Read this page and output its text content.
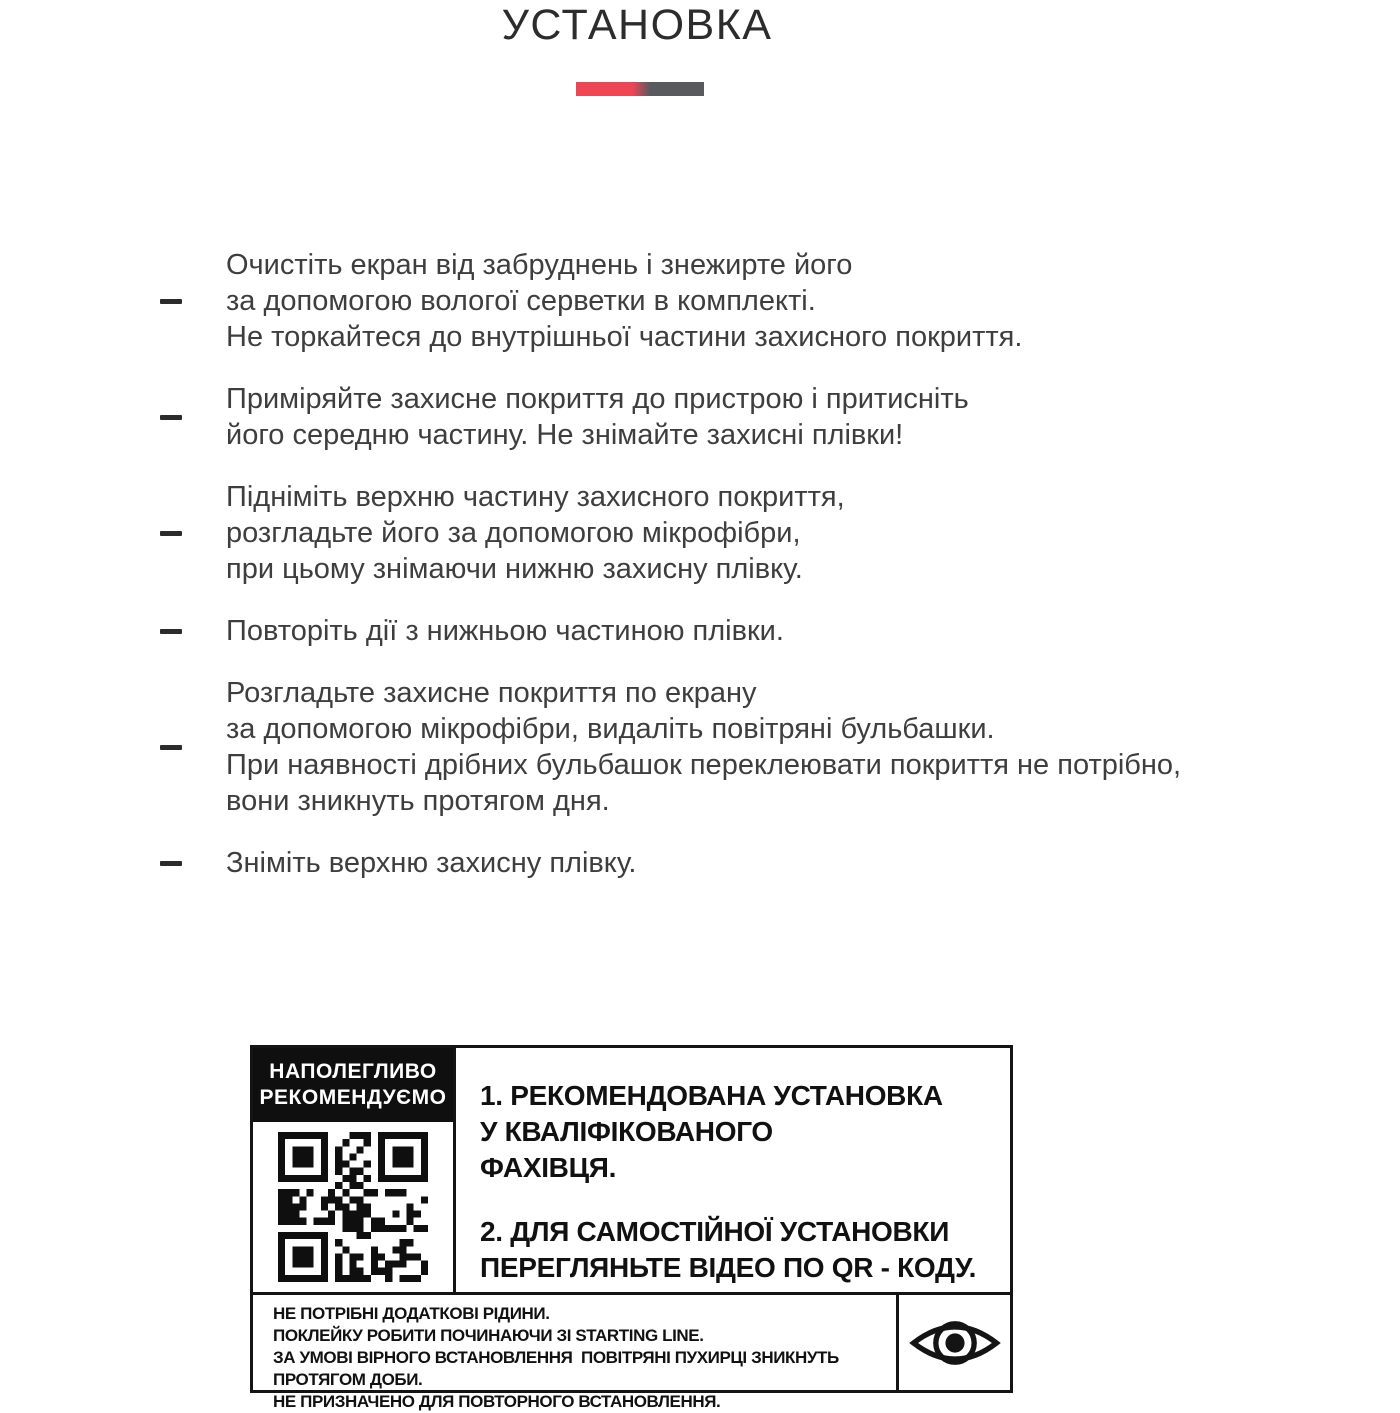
УСТАНОВКА
Очистіть екран від забруднень і знежирте його
за допомогою вологої серветки в комплекті.
Не торкайтеся до внутрішньої частини захисного покриття.
Приміряйте захисне покриття до пристрою і притисніть
його середню частину. Не знімайте захисні плівки!
Підніміть верхню частину захисного покриття,
розгладьте його за допомогою мікрофібри,
при цьому знімаючи нижню захисну плівку.
Повторіть дії з нижньою частиною плівки.
Розгладьте захисне покриття по екрану
за допомогою мікрофібри, видаліть повітряні бульбашки.
При наявності дрібних бульбашок переклеювати покриття не потрібно,
вони зникнуть протягом дня.
Зніміть верхню захисну плівку.
НАПОЛЕГЛИВО
РЕКОМЕНДУЄМО 1. РЕКОМЕНДОВАНА УСТАНОВКА
У КВАЛІФІКОВАНОГО
ФАХІВЦЯ.
2. ДЛЯ САМОСТІЙНОЇ УСТАНОВКИ
ПЕРЕГЛЯНЬТЕ ВІДЕО ПО QR - КОДУ.
НЕ ПОТРІБНІ ДОДАТКОВІ РІДИНИ.
ПОКЛЕЙКУ РОБИТИ ПОЧИНАЮЧИ ЗІ STARTING LINE.
ЗА УМОВІ ВІРНОГО ВСТАНОВЛЕННЯ  ПОВІТРЯНІ ПУХИРЦІ ЗНИКНУТЬ  ПРОТЯГОМ ДОБИ.
НЕ ПРИЗНАЧЕНО ДЛЯ ПОВТОРНОГО ВСТАНОВЛЕННЯ.
